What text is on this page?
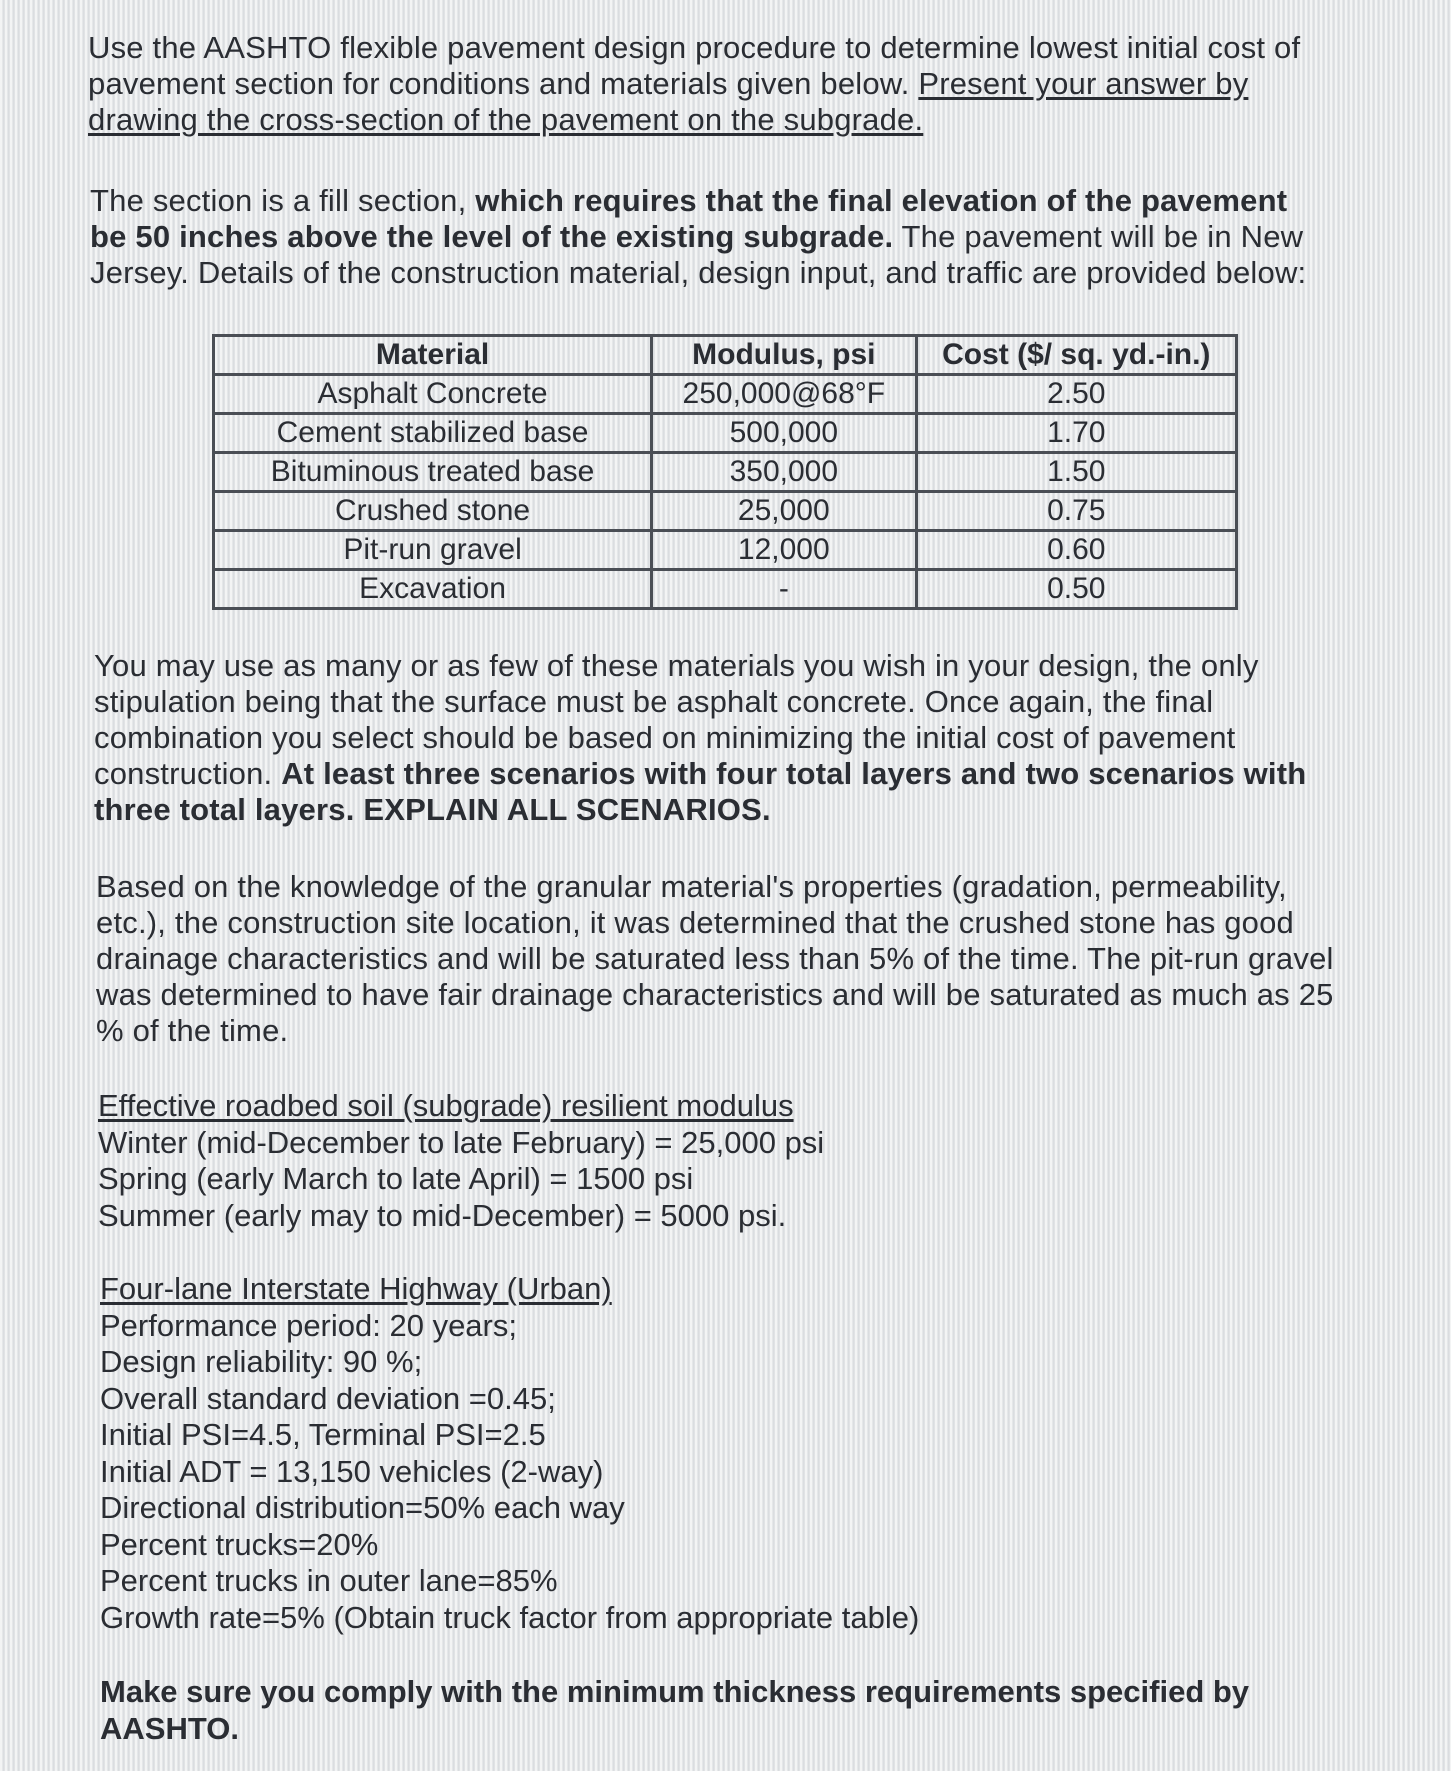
Use the AASHTO flexible pavement design procedure to determine lowest initial cost of
pavement section for conditions and materials given below. Present your answer by
drawing the cross-section of the pavement on the subgrade.
The section is a fill section, which requires that the final elevation of the pavement
be 50 inches above the level of the existing subgrade. The pavement will be in New
Jersey. Details of the construction material, design input, and traffic are provided below:
Material	Modulus, psi	Cost ($/ sq. yd.-in.)
Asphalt Concrete	250,000@68°F	2.50
Cement stabilized base	500,000	1.70
Bituminous treated base	350,000	1.50
Crushed stone	25,000	0.75
Pit-run gravel	12,000	0.60
Excavation	-	0.50
You may use as many or as few of these materials you wish in your design, the only
stipulation being that the surface must be asphalt concrete. Once again, the final
combination you select should be based on minimizing the initial cost of pavement
construction. At least three scenarios with four total layers and two scenarios with
three total layers. EXPLAIN ALL SCENARIOS.
Based on the knowledge of the granular material's properties (gradation, permeability,
etc.), the construction site location, it was determined that the crushed stone has good
drainage characteristics and will be saturated less than 5% of the time. The pit-run gravel
was determined to have fair drainage characteristics and will be saturated as much as 25
% of the time.
Effective roadbed soil (subgrade) resilient modulus
Winter (mid-December to late February) = 25,000 psi
Spring (early March to late April) = 1500 psi
Summer (early may to mid-December) = 5000 psi.
Four-lane Interstate Highway (Urban)
Performance period: 20 years;
Design reliability: 90 %;
Overall standard deviation =0.45;
Initial PSI=4.5, Terminal PSI=2.5
Initial ADT = 13,150 vehicles (2-way)
Directional distribution=50% each way
Percent trucks=20%
Percent trucks in outer lane=85%
Growth rate=5% (Obtain truck factor from appropriate table)
Make sure you comply with the minimum thickness requirements specified by
AASHTO.
